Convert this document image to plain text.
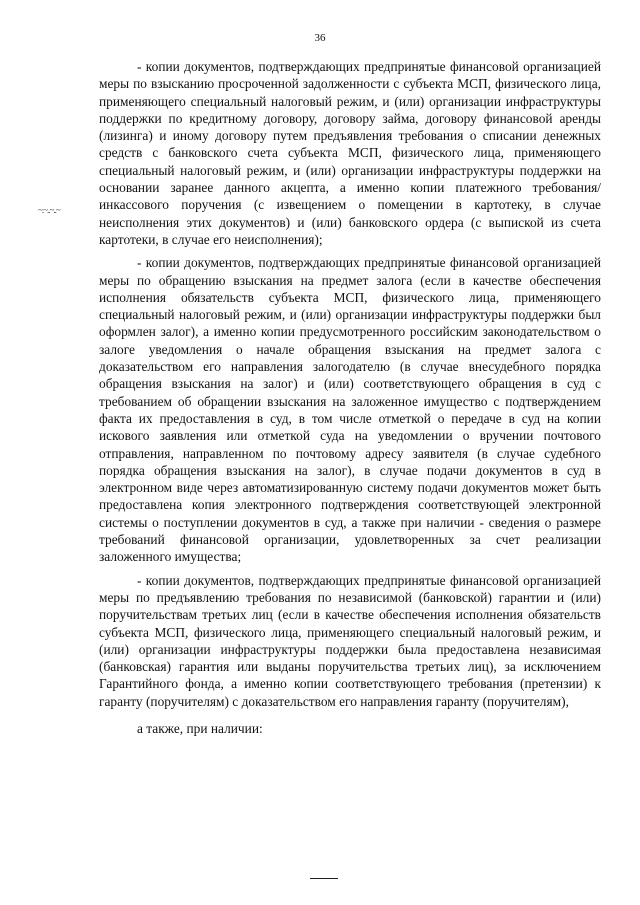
36
~.~..~..~

- копии документов, подтверждающих предпринятые финансовой организацией меры по взысканию просроченной задолженности с субъекта МСП, физического лица, применяющего специальный налоговый режим, и (или) организации инфраструктуры поддержки по кредитному договору, договору займа, договору финансовой аренды (лизинга) и иному договору путем предъявления требования о списании денежных средств с банковского счета субъекта МСП, физического лица, применяющего специальный налоговый режим, и (или) организации инфраструктуры поддержки на основании заранее данного акцепта, а именно копии платежного требования/инкассового поручения (с извещением о помещении в картотеку, в случае неисполнения этих документов) и (или) банковского ордера (с выпиской из счета картотеки, в случае его неисполнения);

- копии документов, подтверждающих предпринятые финансовой организацией меры по обращению взыскания на предмет залога (если в качестве обеспечения исполнения обязательств субъекта МСП, физического лица, применяющего специальный налоговый режим, и (или) организации инфраструктуры поддержки был оформлен залог), а именно копии предусмотренного российским законодательством о залоге уведомления о начале обращения взыскания на предмет залога с доказательством его направления залогодателю (в случае внесудебного порядка обращения взыскания на залог) и (или) соответствующего обращения в суд с требованием об обращении взыскания на заложенное имущество с подтверждением факта их предоставления в суд, в том числе отметкой о передаче в суд на копии искового заявления или отметкой суда на уведомлении о вручении почтового отправления, направленном по почтовому адресу заявителя (в случае судебного порядка обращения взыскания на залог), в случае подачи документов в суд в электронном виде через автоматизированную систему подачи документов может быть предоставлена копия электронного подтверждения соответствующей электронной системы о поступлении документов в суд, а также при наличии - сведения о размере требований финансовой организации, удовлетворенных за счет реализации заложенного имущества;

- копии документов, подтверждающих предпринятые финансовой организацией меры по предъявлению требования по независимой (банковской) гарантии и (или) поручительствам третьих лиц (если в качестве обеспечения исполнения обязательств субъекта МСП, физического лица, применяющего специальный налоговый режим, и (или) организации инфраструктуры поддержки была предоставлена независимая (банковская) гарантия или выданы поручительства третьих лиц), за исключением Гарантийного фонда, а именно копии соответствующего требования (претензии) к гаранту (поручителям) с доказательством его направления гаранту (поручителям),

а также, при наличии:
